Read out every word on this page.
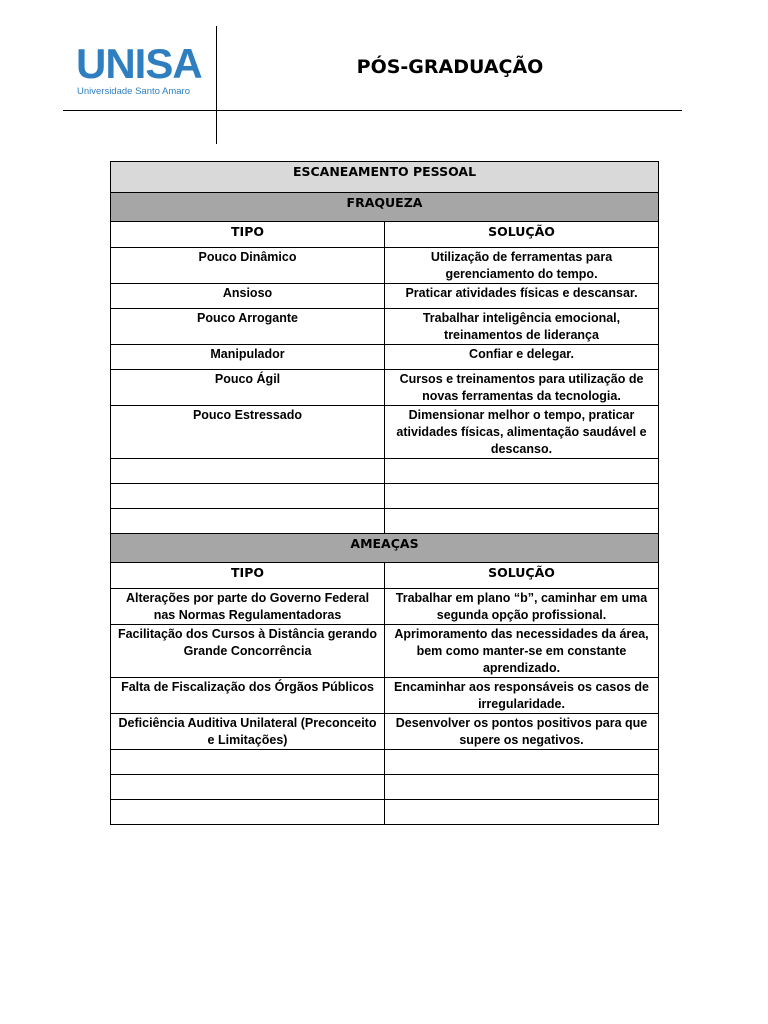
UNISA
Universidade Santo Amaro
PÓS-GRADUAÇÃO
ESCANEAMENTO PESSOAL	
FRAQUEZA	
TIPO	SOLUÇÃO
Pouco Dinâmico	Utilização de ferramentas para gerenciamento do tempo.
Ansioso	Praticar atividades físicas e descansar.
Pouco Arrogante	Trabalhar inteligência emocional, treinamentos de liderança
Manipulador	Confiar e delegar.
Pouco Ágil	Cursos e treinamentos para utilização de novas ferramentas da tecnologia.
Pouco Estressado	Dimensionar melhor o tempo, praticar atividades físicas, alimentação saudável e descanso.

AMEAÇAS	
TIPO	SOLUÇÃO
Alterações por parte do Governo Federal nas Normas Regulamentadoras	Trabalhar em plano “b”, caminhar em uma segunda opção profissional.
Facilitação dos Cursos à Distância gerando Grande Concorrência	Aprimoramento das necessidades da área, bem como manter-se em constante aprendizado.
Falta de Fiscalização dos Órgãos Públicos	Encaminhar aos responsáveis os casos de irregularidade.
Deficiência Auditiva Unilateral (Preconceito e Limitações)	Desenvolver os pontos positivos para que supere os negativos.
